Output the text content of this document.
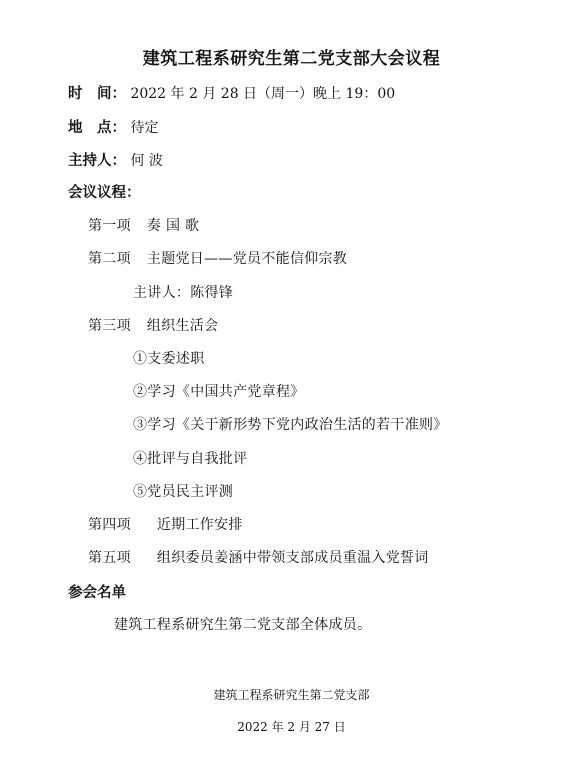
建筑工程系研究生第二党支部大会议程
时　间： 2022 年 2 月 28 日（周一）晚上 19：00
地　点： 待定
主持人： 何 波
会议议程：
第一项 奏 国 歌
第二项 主题党日——党员不能信仰宗教
主讲人：陈得锋
第三项 组织生活会
①支委述职
②学习《中国共产党章程》
③学习《关于新形势下党内政治生活的若干准则》
④批评与自我批评
⑤党员民主评测
第四项 近期工作安排
第五项 组织委员姜涵中带领支部成员重温入党誓词
参会名单
建筑工程系研究生第二党支部全体成员。
建筑工程系研究生第二党支部
2022 年 2 月 27 日
